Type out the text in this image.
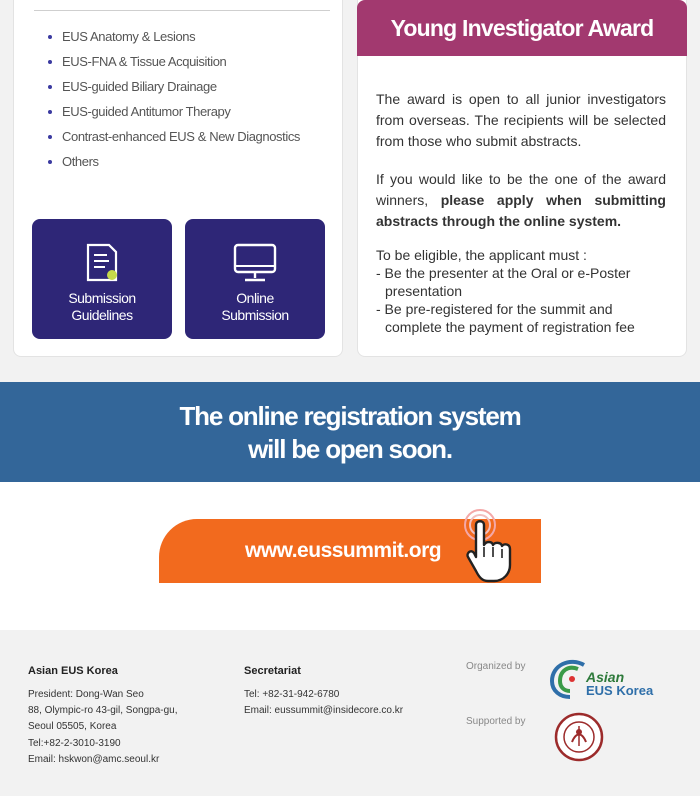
EUS Anatomy & Lesions
EUS-FNA & Tissue Acquisition
EUS-guided Biliary Drainage
EUS-guided Antitumor Therapy
Contrast-enhanced EUS & New Diagnostics
Others
Submission
Guidelines
Online
Submission
Young Investigator Award

The award is open to all junior investigators from overseas. The recipients will be selected from those who submit abstracts.

If you would like to be the one of the award winners, please apply when submitting abstracts through the online system.

To be eligible, the applicant must :
- Be the presenter at the Oral or e-Poster presentation
- Be pre-registered for the summit and complete the payment of registration fee
The online registration system
will be open soon.
www.eussummit.org
Asian EUS Korea
President: Dong-Wan Seo
88, Olympic-ro 43-gil, Songpa-gu,
Seoul 05505, Korea
Tel:+82-2-3010-3190
Email: hskwon@amc.seoul.kr
Secretariat
Tel: +82-31-942-6780
Email: eussummit@insidecore.co.kr
Organized by
Asian
EUS Korea
Supported by
